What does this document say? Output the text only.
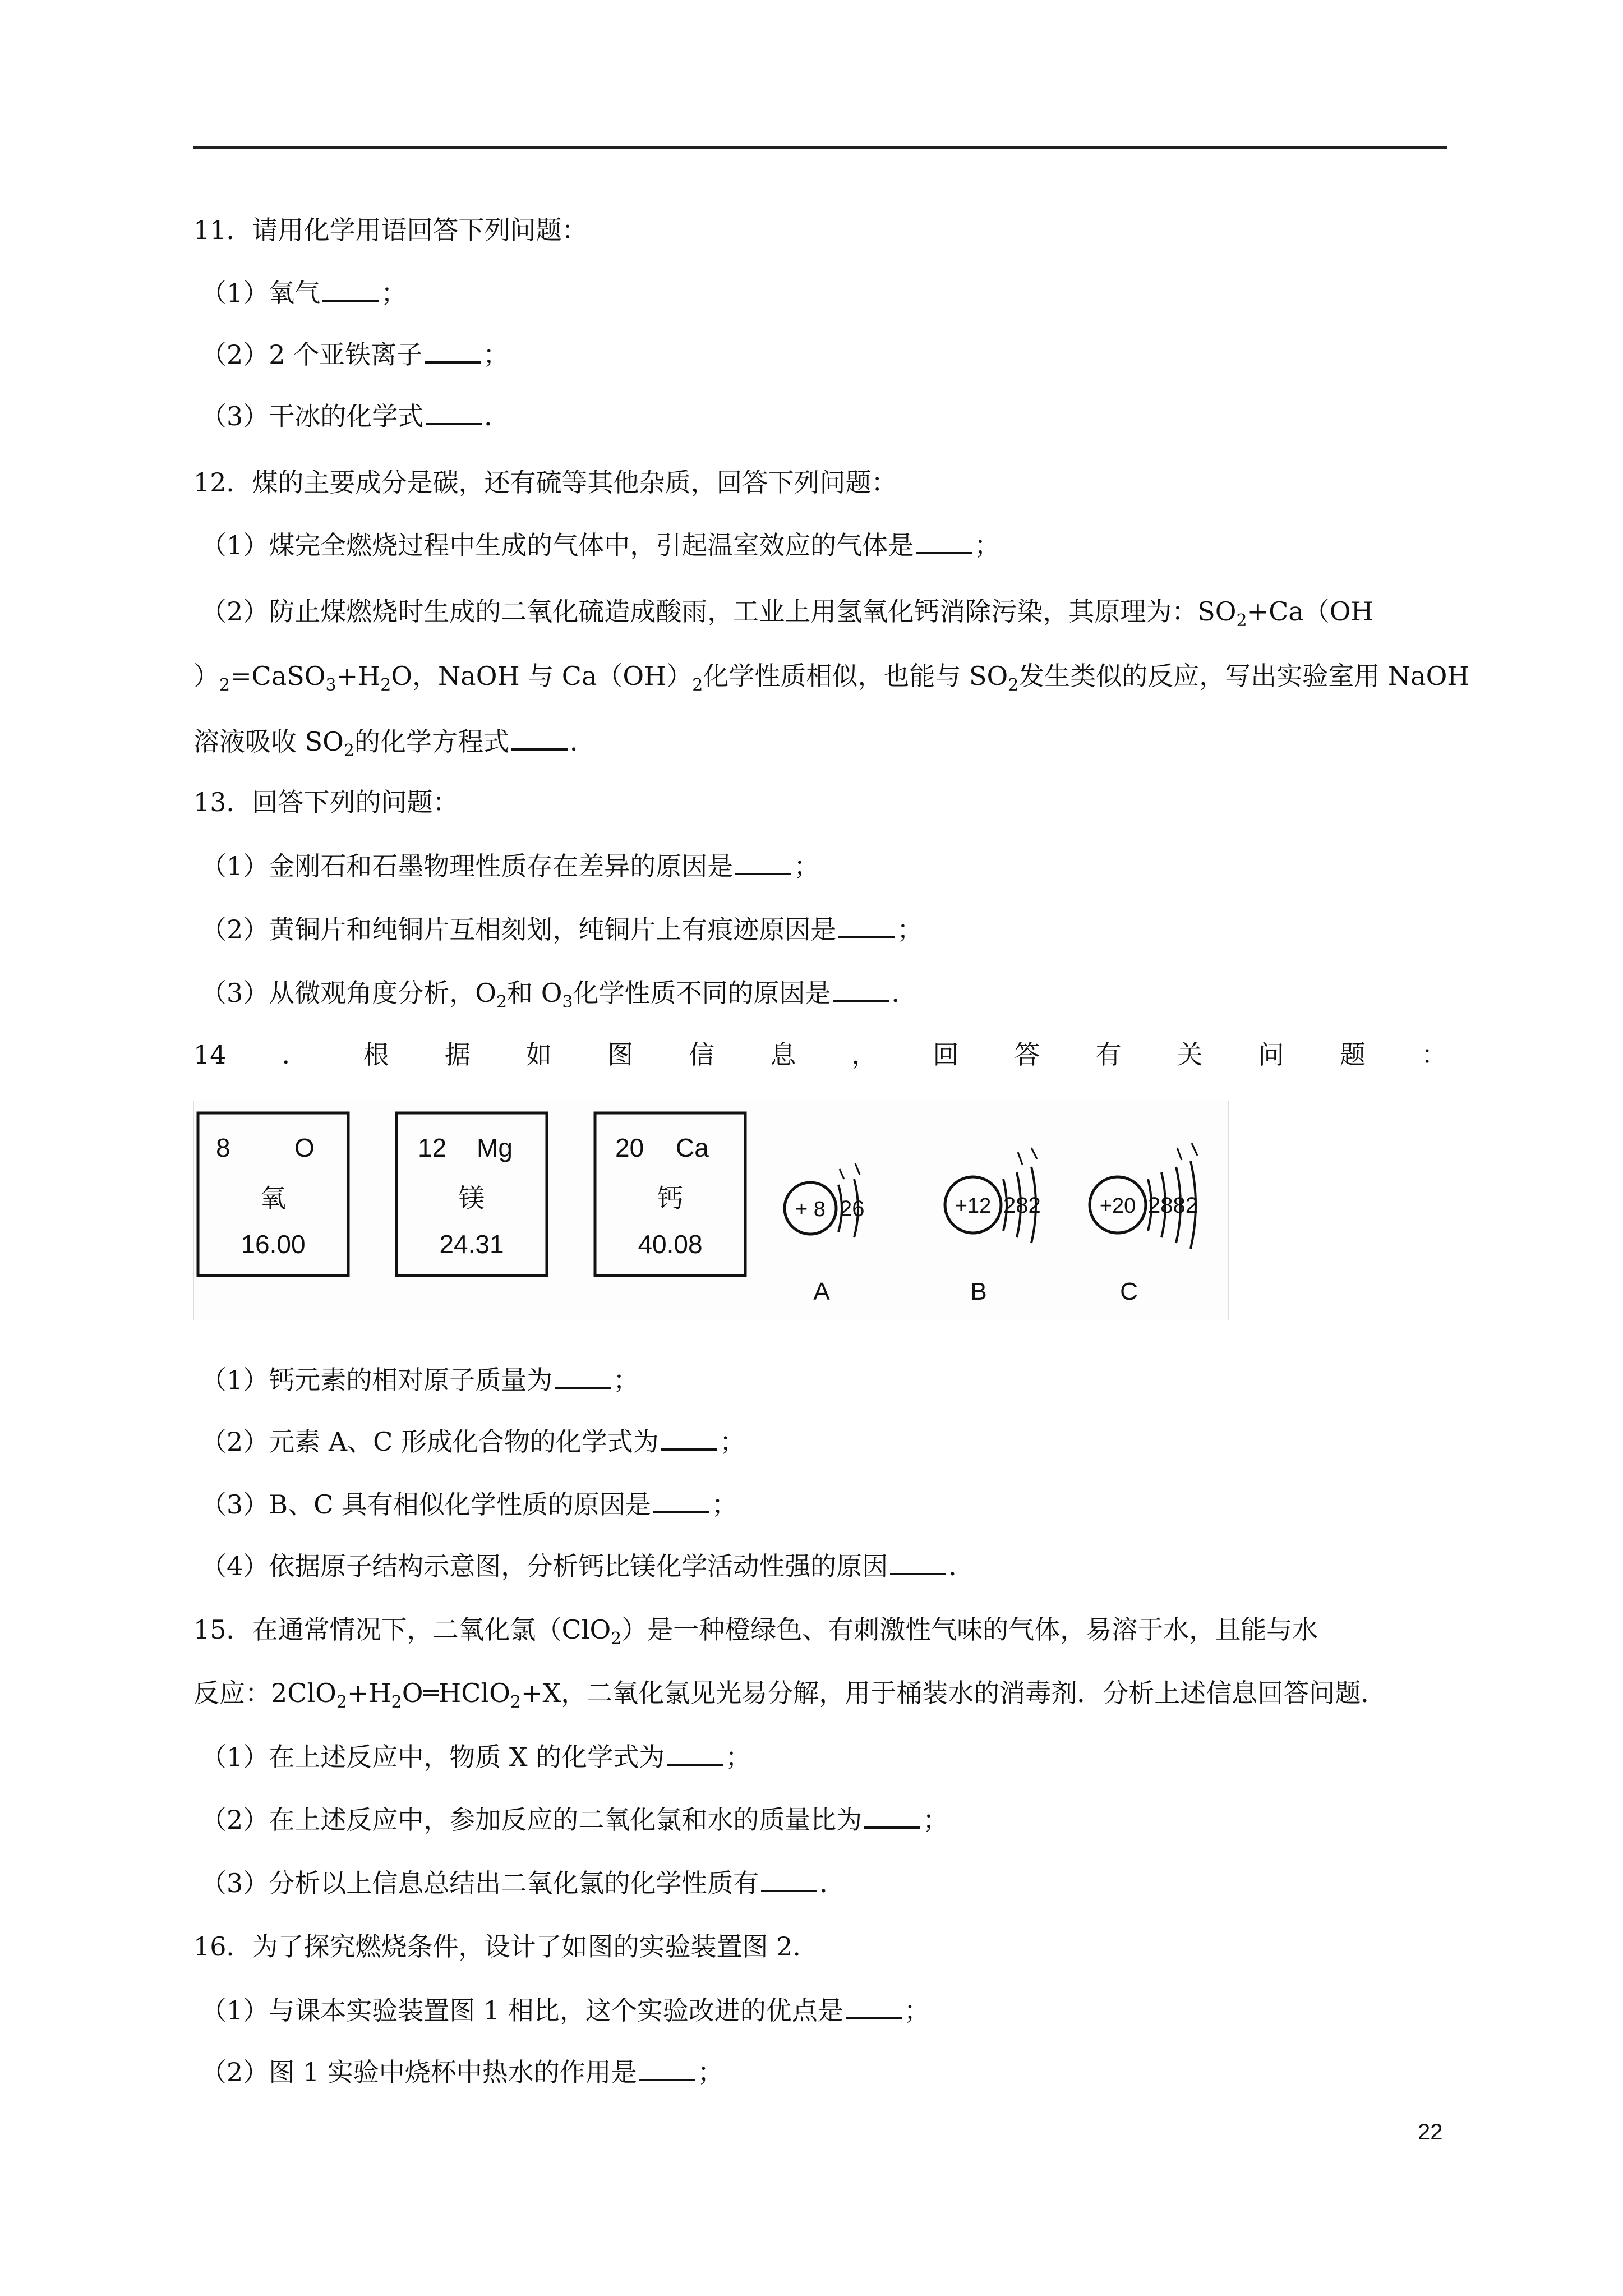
11．请用化学用语回答下列问题：
（1）氧气 ；
（2）2 个亚铁离子 ；
（3）干冰的化学式 ．
12．煤的主要成分是碳，还有硫等其他杂质，回答下列问题：
（1）煤完全燃烧过程中生成的气体中，引起温室效应的气体是 ；
（2）防止煤燃烧时生成的二氧化硫造成酸雨，工业上用氢氧化钙消除污染，其原理为：$SO_2+Ca(OH$
）$_2=CaSO_3+H_2O$，NaOH 与 $Ca(OH)_2$化学性质相似，也能与 $SO_2$发生类似的反应，写出实验室用 NaOH
溶液吸收 $SO_2$的化学方程式 ．
13．回答下列的问题：
（1）金刚石和石墨物理性质存在差异的原因是 ；
（2）黄铜片和纯铜片互相刻划，纯铜片上有痕迹原因是 ；
（3）从微观角度分析，$O_2$和 $O_3$化学性质不同的原因是 ．
14 ． 根 据 如 图 信 息 ， 回 答 有 关 问 题 ：
8 O
氧
16.00
12 Mg
镁
24.31
20 Ca
钙
40.08
+ 8 26
A
+12 282
B
+20 2882
C
（1）钙元素的相对原子质量为 ；
（2）元素 A、C 形成化合物的化学式为 ；
（3）B、C 具有相似化学性质的原因是 ；
（4）依据原子结构示意图，分析钙比镁化学活动性强的原因 ．
15．在通常情况下，二氧化氯（ClO$_2$）是一种橙绿色、有刺激性气味的气体，易溶于水，且能与水
反应：$2ClO_2+H_2O═HClO_2+X$，二氧化氯见光易分解，用于桶装水的消毒剂．分析上述信息回答问题．
（1）在上述反应中，物质 X 的化学式为 ；
（2）在上述反应中，参加反应的二氧化氯和水的质量比为 ；
（3）分析以上信息总结出二氧化氯的化学性质有 ．
16．为了探究燃烧条件，设计了如图的实验装置图 2．
（1）与课本实验装置图 1 相比，这个实验改进的优点是 ；
（2）图 1 实验中烧杯中热水的作用是 ；
22
